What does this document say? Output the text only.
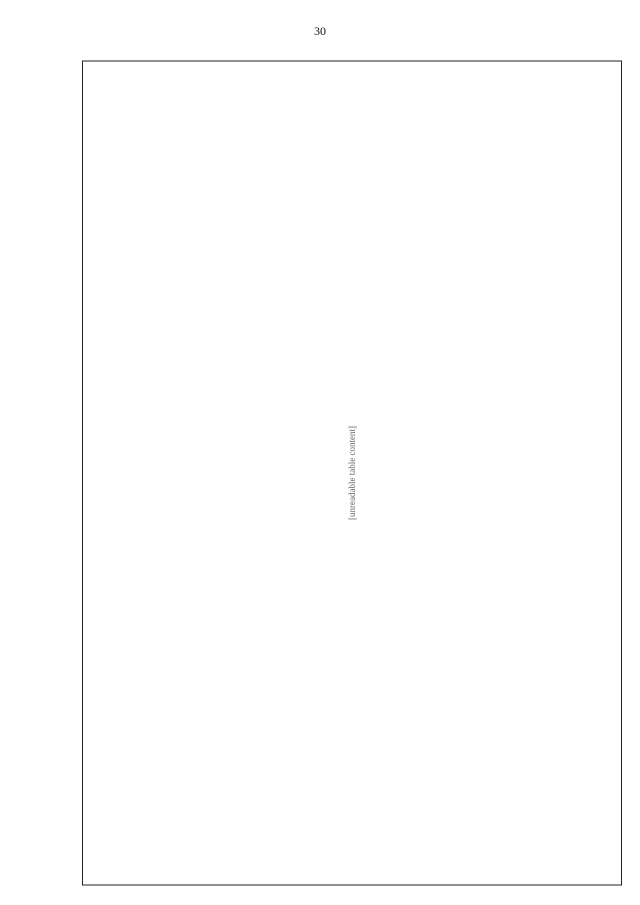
30
[unreadable table content]
